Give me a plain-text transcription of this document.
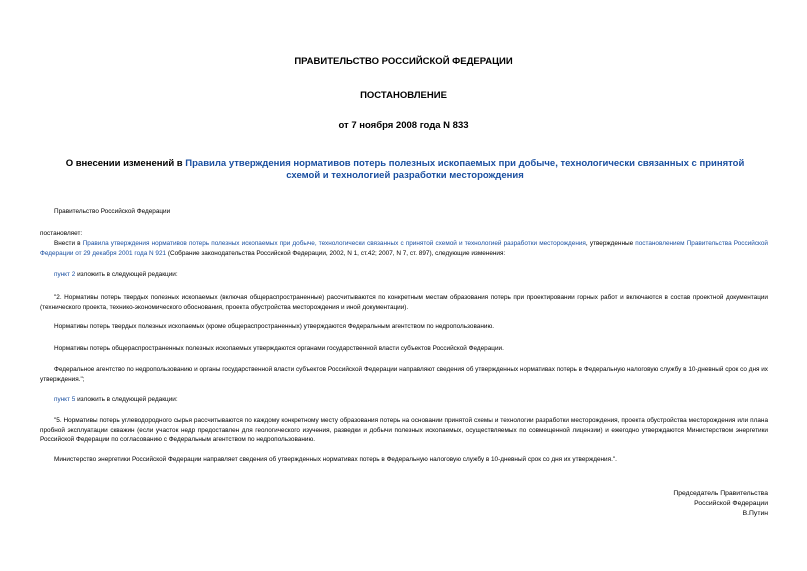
ПРАВИТЕЛЬСТВО РОССИЙСКОЙ ФЕДЕРАЦИИ
ПОСТАНОВЛЕНИЕ
от 7 ноября 2008 года N 833
О внесении изменений в Правила утверждения нормативов потерь полезных ископаемых при добыче, технологически связанных с принятой схемой и технологией разработки месторождения
Правительство Российской Федерации
постановляет:
Внести в Правила утверждения нормативов потерь полезных ископаемых при добыче, технологически связанных с принятой схемой и технологией разработки месторождения, утвержденные постановлением Правительства Российской Федерации от 29 декабря 2001 года N 921 (Собрание законодательства Российской Федерации, 2002, N 1, ст.42; 2007, N 7, ст. 897), следующие изменения:
пункт 2 изложить в следующей редакции:
"2. Нормативы потерь твердых полезных ископаемых (включая общераспространенные) рассчитываются по конкретным местам образования потерь при проектировании горных работ и включаются в состав проектной документации (технического проекта, технико-экономического обоснования, проекта обустройства месторождения и иной документации).
Нормативы потерь твердых полезных ископаемых (кроме общераспространенных) утверждаются Федеральным агентством по недропользованию.
Нормативы потерь общераспространенных полезных ископаемых утверждаются органами государственной власти субъектов Российской Федерации.
Федеральное агентство по недропользованию и органы государственной власти субъектов Российской Федерации направляют сведения об утвержденных нормативах потерь в Федеральную налоговую службу в 10-дневный срок со дня их утверждения.";
пункт 5 изложить в следующей редакции:
"5. Нормативы потерь углеводородного сырья рассчитываются по каждому конкретному месту образования потерь на основании принятой схемы и технологии разработки месторождения, проекта обустройства месторождения или плана пробной эксплуатации скважин (если участок недр предоставлен для геологического изучения, разведки и добычи полезных ископаемых, осуществляемых по совмещенной лицензии) и ежегодно утверждаются Министерством энергетики Российской Федерации по согласованию с Федеральным агентством по недропользованию.
Министерство энергетики Российской Федерации направляет сведения об утвержденных нормативах потерь в Федеральную налоговую службу в 10-дневный срок со дня их утверждения.".
Председатель Правительства
Российской Федерации
В.Путин
